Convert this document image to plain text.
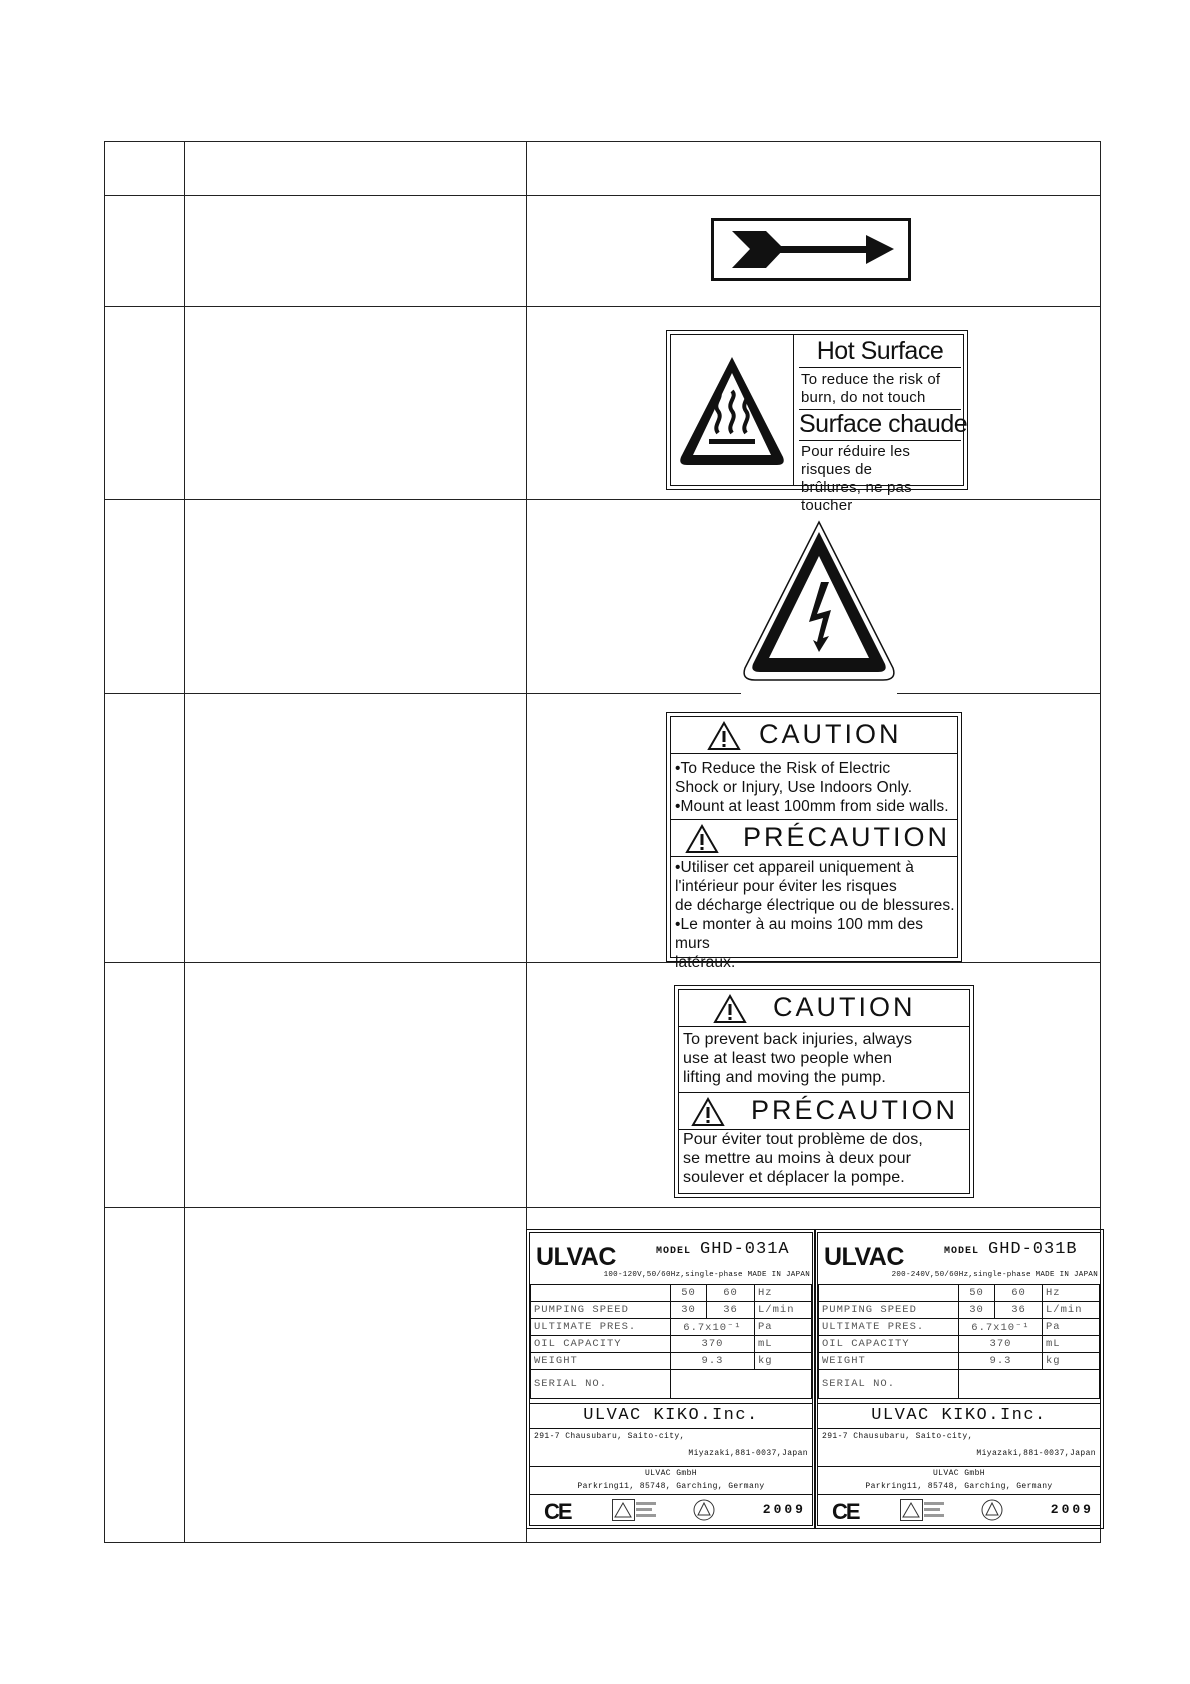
Hot Surface
To reduce the risk of
burn, do not touch
Surface chaude
Pour réduire les risques de
brûlures, ne pas toucher

CAUTION
•To Reduce the Risk of Electric
Shock or Injury, Use Indoors Only.
•Mount at least 100mm from side walls.
PRÉCAUTION
•Utiliser cet appareil uniquement à
l'intérieur pour éviter les risques
de décharge électrique ou de blessures.
•Le monter à au moins 100 mm des murs
latéraux.

CAUTION
To prevent back injuries, always
use at least two people when
lifting and moving the pump.
PRÉCAUTION
Pour éviter tout problème de dos,
se mettre au moins à deux pour
soulever et déplacer la pompe.

ULVAC	MODEL GHD-031A
100-120V,50/60Hz,single-phase MADE IN JAPAN
	50	60	Hz
PUMPING SPEED	30	36	L/min
ULTIMATE PRES.	6.7x10⁻¹	Pa
OIL CAPACITY	370	mL
WEIGHT	9.3	kg
SERIAL NO.	
ULVAC KIKO.Inc.
291-7 Chausubaru, Saito-city,
Miyazaki,881-0037,Japan
ULVAC GmbH
Parkring11, 85748, Garching, Germany
CE	2009
ULVAC	MODEL GHD-031B
200-240V,50/60Hz,single-phase MADE IN JAPAN
	50	60	Hz
PUMPING SPEED	30	36	L/min
ULTIMATE PRES.	6.7x10⁻¹	Pa
OIL CAPACITY	370	mL
WEIGHT	9.3	kg
SERIAL NO.	
ULVAC KIKO.Inc.
291-7 Chausubaru, Saito-city,
Miyazaki,881-0037,Japan
ULVAC GmbH
Parkring11, 85748, Garching, Germany
CE	2009
